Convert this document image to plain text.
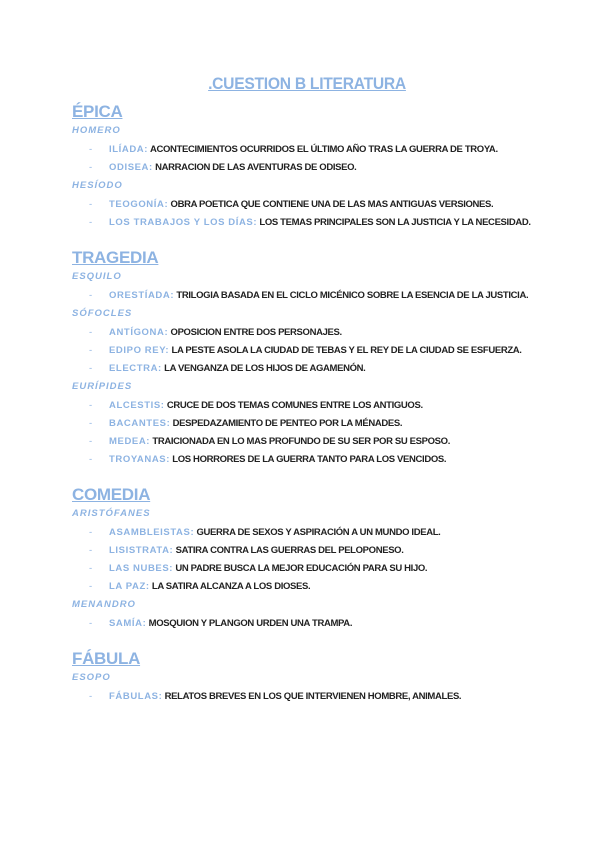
.CUESTION B LITERATURA
ÉPICA
HOMERO
- ILÍADA: ACONTECIMIENTOS OCURRIDOS EL ÚLTIMO AÑO TRAS LA GUERRA DE TROYA.
- ODISEA: NARRACION DE LAS AVENTURAS DE ODISEO.
HESÍODO
- TEOGONÍA: OBRA POETICA QUE CONTIENE UNA DE LAS MAS ANTIGUAS VERSIONES.
- LOS TRABAJOS Y LOS DÍAS: LOS TEMAS PRINCIPALES SON LA JUSTICIA Y LA NECESIDAD.
TRAGEDIA
ESQUILO
- ORESTÍADA: TRILOGIA BASADA EN EL CICLO MICÉNICO SOBRE LA ESENCIA DE LA JUSTICIA.
SÓFOCLES
- ANTÍGONA: OPOSICION ENTRE DOS PERSONAJES.
- EDIPO REY: LA PESTE ASOLA LA CIUDAD DE TEBAS Y EL REY DE LA CIUDAD SE ESFUERZA.
- ELECTRA: LA VENGANZA DE LOS HIJOS DE AGAMENÓN.
EURÍPIDES
- ALCESTIS: CRUCE DE DOS TEMAS COMUNES ENTRE LOS ANTIGUOS.
- BACANTES: DESPEDAZAMIENTO DE PENTEO POR LA MÉNADES.
- MEDEA: TRAICIONADA EN LO MAS PROFUNDO DE SU SER POR SU ESPOSO.
- TROYANAS: LOS HORRORES DE LA GUERRA TANTO PARA LOS VENCIDOS.
COMEDIA
ARISTÓFANES
- ASAMBLEISTAS: GUERRA DE SEXOS Y ASPIRACIÓN A UN MUNDO IDEAL.
- LISISTRATA: SATIRA CONTRA LAS GUERRAS DEL PELOPONESO.
- LAS NUBES: UN PADRE BUSCA LA MEJOR EDUCACIÓN PARA SU HIJO.
- LA PAZ: LA SATIRA ALCANZA A LOS DIOSES.
MENANDRO
- SAMÍA: MOSQUION Y PLANGON URDEN UNA TRAMPA.
FÁBULA
ESOPO
- FÁBULAS: RELATOS BREVES EN LOS QUE INTERVIENEN HOMBRE, ANIMALES.
